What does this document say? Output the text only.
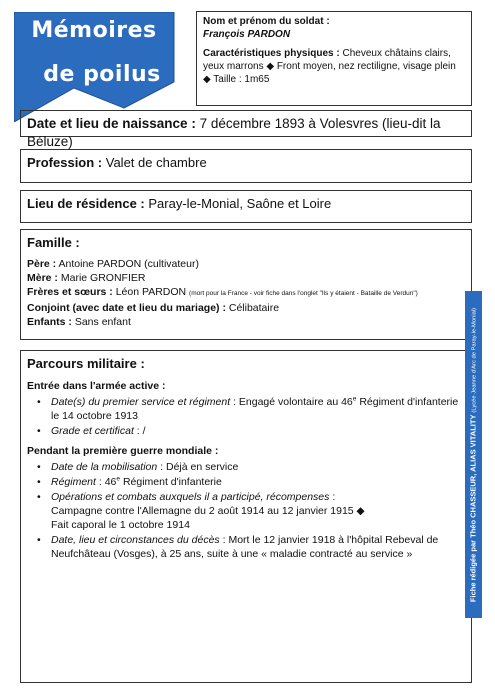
Mémoires
de poilus
Nom et prénom du soldat :
François PARDON
Caractéristiques physiques : Cheveux châtains clairs, yeux marrons ◆ Front moyen, nez rectiligne, visage plein ◆ Taille : 1m65
Date et lieu de naissance : 7 décembre 1893 à Volesvres (lieu-dit la Béluze)
Profession : Valet de chambre
Lieu de résidence : Paray-le-Monial, Saône et Loire
Famille :
Père : Antoine PARDON (cultivateur)
Mère : Marie GRONFIER
Frères et sœurs : Léon PARDON (mort pour la France - voir fiche dans l'onglet "Ils y étaient - Bataille de Verdun")
Conjoint (avec date et lieu du mariage) : Célibataire
Enfants : Sans enfant
Parcours militaire :
Entrée dans l'armée active :
• Date(s) du premier service et régiment : Engagé volontaire au 46e Régiment d'infanterie le 14 octobre 1913
• Grade et certificat : /
Pendant la première guerre mondiale :
• Date de la mobilisation : Déjà en service
• Régiment : 46e Régiment d'infanterie
• Opérations et combats auxquels il a participé, récompenses :
Campagne contre l'Allemagne du 2 août 1914 au 12 janvier 1915 ◆
Fait caporal le 1 octobre 1914
• Date, lieu et circonstances du décès : Mort le 12 janvier 1918 à l'hôpital Rebeval de Neufchâteau (Vosges), à 25 ans, suite à une « maladie contracté au service »	Fiche rédigée par Théo CHASSEUR, ALIAS VITALITY (Lycée Jeanne d'Arc de Paray-le-Monial)
